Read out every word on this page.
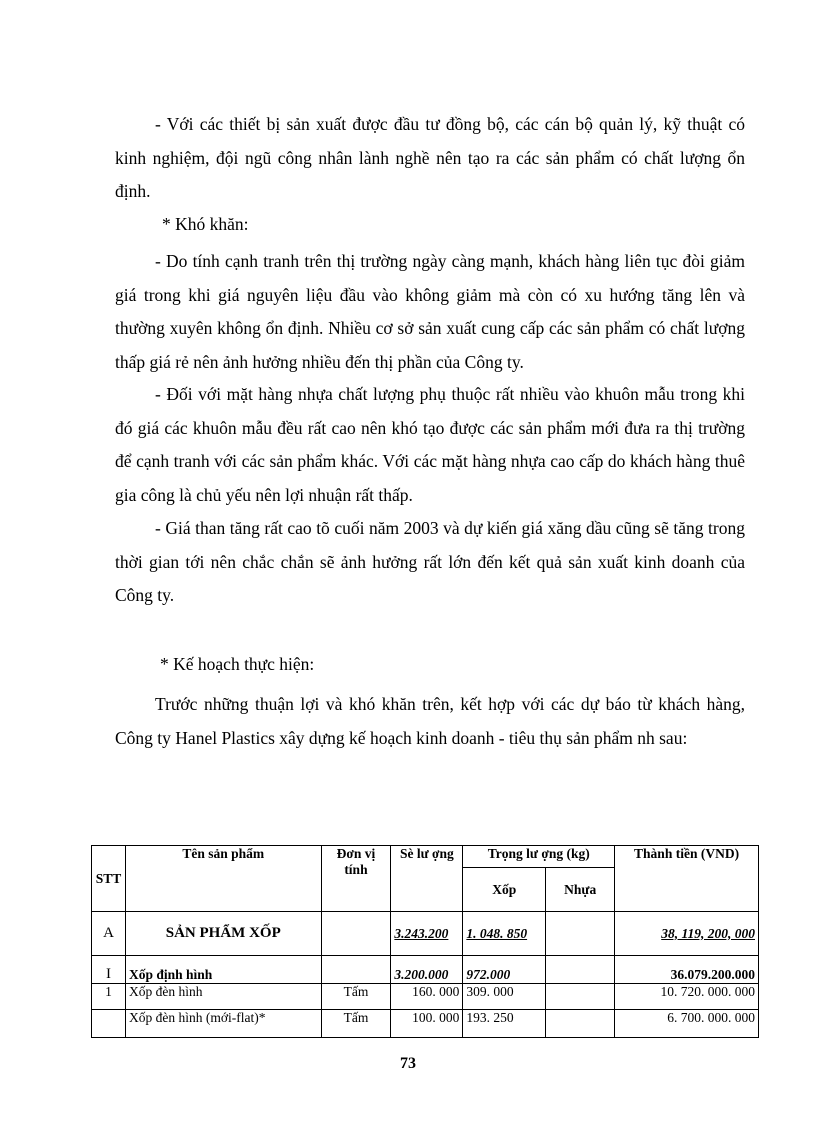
- Với các thiết bị sản xuất được đầu tư đồng bộ, các cán bộ quản lý, kỹ thuật có kinh nghiệm, đội ngũ công nhân lành nghề nên tạo ra các sản phẩm có chất lượng ổn định.

* Khó khăn:

- Do tính cạnh tranh trên thị trường ngày càng mạnh, khách hàng liên tục đòi giảm giá trong khi giá nguyên liệu đầu vào không giảm mà còn có xu hướng tăng lên và thường xuyên không ổn định. Nhiều cơ sở sản xuất cung cấp các sản phẩm có chất lượng thấp giá rẻ nên ảnh hưởng nhiều đến thị phần của Công ty.

- Đối với mặt hàng nhựa chất lượng phụ thuộc rất nhiều vào khuôn mẫu trong khi đó giá các khuôn mẫu đều rất cao nên khó tạo được các sản phẩm mới đưa ra thị trường để cạnh tranh với các sản phẩm khác. Với các mặt hàng nhựa cao cấp do khách hàng thuê gia công là chủ yếu nên lợi nhuận rất thấp.

- Giá than tăng rất cao tõ cuối năm 2003 và dự kiến giá xăng dầu cũng sẽ tăng trong thời gian tới nên chắc chắn sẽ ảnh hưởng rất lớn đến kết quả sản xuất kinh doanh của Công ty.

* Kế hoạch thực hiện:

Trước những thuận lợi và khó khăn trên, kết hợp với các dự báo từ khách hàng, Công ty Hanel Plastics xây dựng kế hoạch kinh doanh - tiêu thụ sản phẩm nh sau:

STT	Tên sản phẩm	Đơn vị tính	Sè lư ợng	Trọng lư ợng (kg)		Thành tiền (VND)
				Xốp	Nhựa	
A	SẢN PHẨM XỐP		3.243.200	1. 048. 850		38, 119, 200, 000
I	Xốp định hình		3.200.000	972.000		36.079.200.000
1	Xốp đèn hình	Tấm	160. 000	309. 000		10. 720. 000. 000
	Xốp đèn hình (mới-flat)*	Tấm	100. 000	193. 250		6. 700. 000. 000
73
